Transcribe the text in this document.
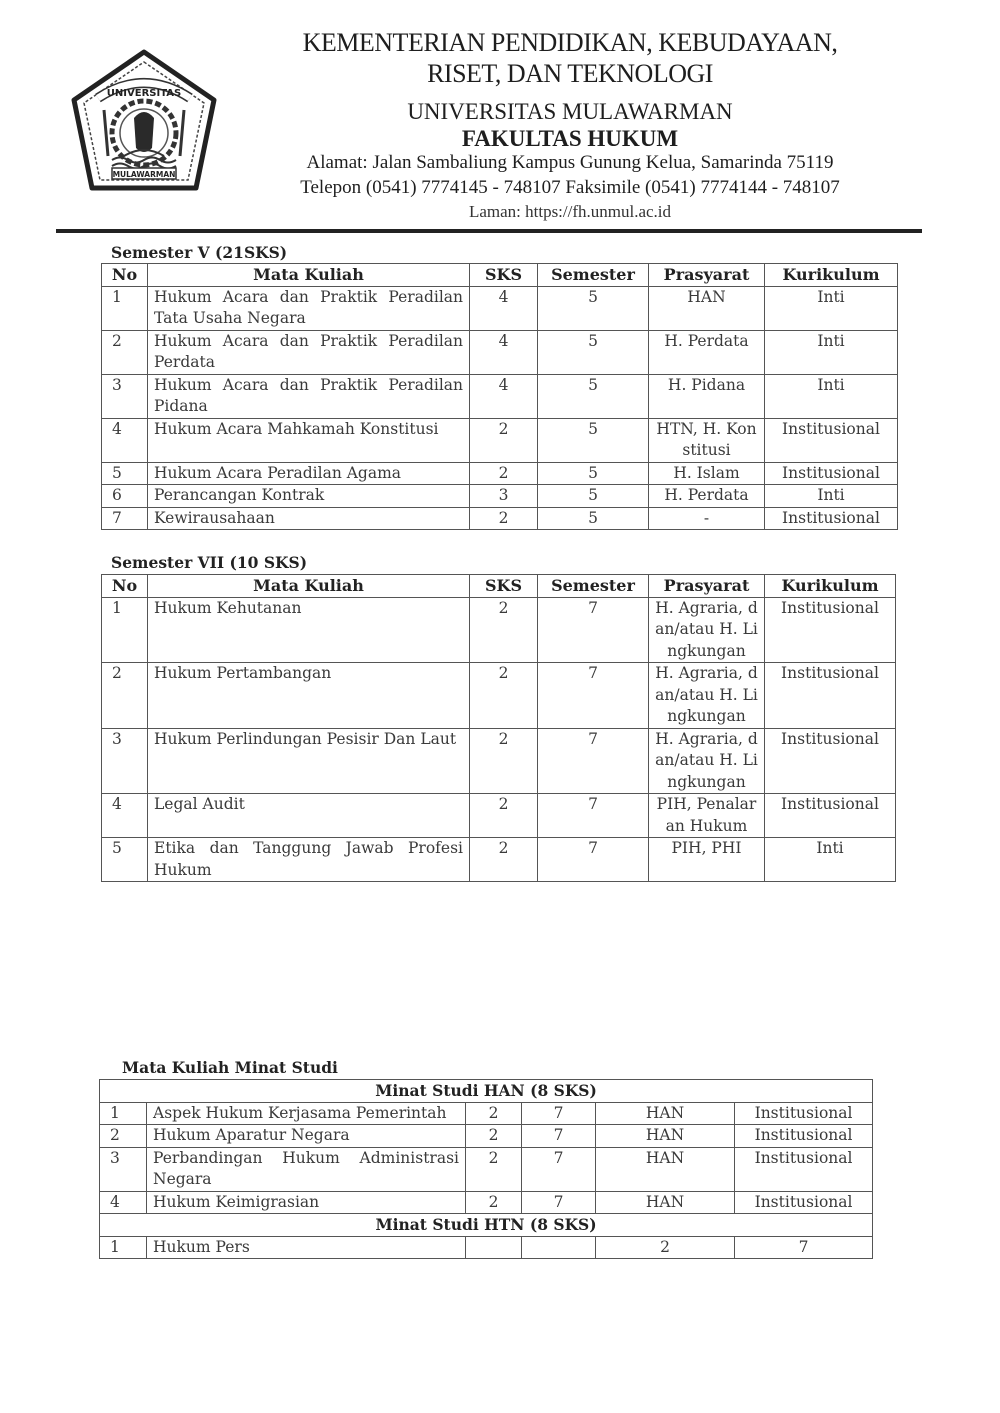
UNIVERSITAS
MULAWARMAN
KEMENTERIAN PENDIDIKAN, KEBUDAYAAN,
RISET, DAN TEKNOLOGI
UNIVERSITAS MULAWARMAN
FAKULTAS HUKUM
Alamat: Jalan Sambaliung Kampus Gunung Kelua, Samarinda 75119
Telepon (0541) 7774145 - 748107 Faksimile (0541) 7774144 - 748107
Laman: https://fh.unmul.ac.id
Semester V (21SKS)
No	Mata Kuliah	SKS	Semester	Prasyarat	Kurikulum
1	Hukum Acara dan Praktik Peradilan Tata Usaha Negara	4	5	HAN	Inti
2	Hukum Acara dan Praktik Peradilan Perdata	4	5	H. Perdata	Inti
3	Hukum Acara dan Praktik Peradilan Pidana	4	5	H. Pidana	Inti
4	Hukum Acara Mahkamah Konstitusi	2	5	HTN, H. Konstitusi	Institusional
5	Hukum Acara Peradilan Agama	2	5	H. Islam	Institusional
6	Perancangan Kontrak	3	5	H. Perdata	Inti
7	Kewirausahaan	2	5	-	Institusional
Semester VII (10 SKS)
No	Mata Kuliah	SKS	Semester	Prasyarat	Kurikulum
1	Hukum Kehutanan	2	7	H. Agraria, dan/atau H. Lingkungan	Institusional
2	Hukum Pertambangan	2	7	H. Agraria, dan/atau H. Lingkungan	Institusional
3	Hukum Perlindungan Pesisir Dan Laut	2	7	H. Agraria, dan/atau H. Lingkungan	Institusional
4	Legal Audit	2	7	PIH, Penalaran Hukum	Institusional
5	Etika dan Tanggung Jawab Profesi Hukum	2	7	PIH, PHI	Inti
Mata Kuliah Minat Studi
Minat Studi HAN (8 SKS)					
1	Aspek Hukum Kerjasama Pemerintah	2	7	HAN	Institusional
2	Hukum Aparatur Negara	2	7	HAN	Institusional
3	Perbandingan Hukum Administrasi Negara	2	7	HAN	Institusional
4	Hukum Keimigrasian	2	7	HAN	Institusional
Minat Studi HTN (8 SKS)					
1	Hukum Pers			2	7
